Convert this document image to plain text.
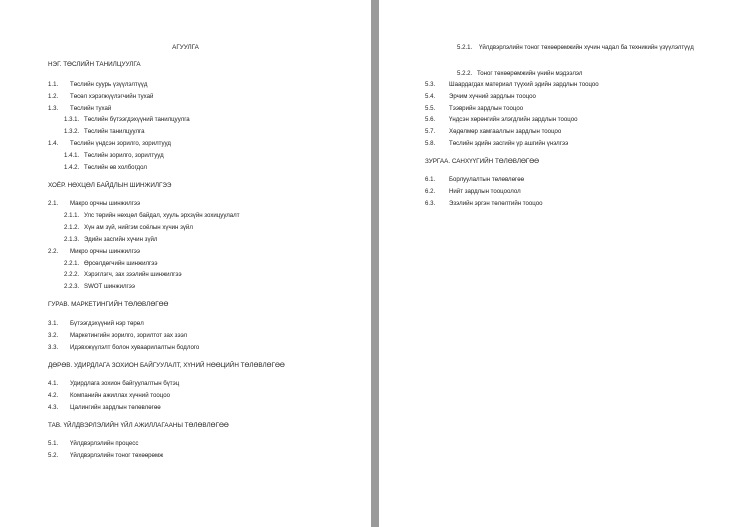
АГУУЛГА
НЭГ. ТӨСЛИЙН ТАНИЛЦУУЛГА
1.1. Төслийн суурь үзүүлэлтүүд
1.2. Төсөл хэрэгжүүлэгчийн тухай
1.3. Төслийн тухай
1.3.1. Төслийн бүтээгдэхүүний танилцуулга
1.3.2. Төслийн танилцуулга
1.4. Төслийн үндсэн зорилго, зорилтууд
1.4.1. Төслийн зорилго, зорилтууд
1.4.2. Төслийн өв холбогдол
ХОЁР. НӨХЦӨЛ БАЙДЛЫН ШИНЖИЛГЭЭ
2.1. Макро орчны шинжилгээ
2.1.1. Улс төрийн нөхцөл байдал, хууль эрхзүйн зохицуулалт
2.1.2. Хүн ам зүй, нийгэм соёлын хүчин зүйл
2.1.3. Эдийн засгийн хүчин зүйл
2.2. Микро орчны шинжилгээ
2.2.1. Өрсөлдөгчийн шинжилгээ
2.2.2. Хэрэглэгч, зах зээлийн шинжилгээ
2.2.3. SWOT шинжилгээ
ГУРАВ. МАРКЕТИНГИЙН ТӨЛӨВЛӨГӨӨ
3.1. Бүтээгдэхүүний нэр төрөл
3.2. Маркетингийн зорилго, зорилтот зах зээл
3.3. Идэвхжүүлэлт болон хуваарилалтын бодлого
ДӨРӨВ. УДИРДЛАГА ЗОХИОН БАЙГУУЛАЛТ, ХҮНИЙ НӨӨЦИЙН ТӨЛӨВЛӨГӨӨ
4.1. Удирдлага зохион байгуулалтын бүтэц
4.2. Компанийн ажиллах хүчний тооцоо
4.3. Цалингийн зардлын төлөвлөгөө
ТАВ. ҮЙЛДВЭРЛЭЛИЙН ҮЙЛ АЖИЛЛАГААНЫ ТӨЛӨВЛӨГӨӨ
5.1. Үйлдвэрлэлийн процесс
5.2. Үйлдвэрлэлийн тоног төхөөрөмж
5.2.1. Үйлдвэрлэлийн тоног төхөөрөмжийн хүчин чадал ба техникийн үзүүлэлтүүд
5.2.2. Тоног төхөөрөмжийн үнийн мэдээлэл
5.3. Шаардагдах материал түүхий эдийн зардлын тооцоо
5.4. Эрчим хүчний зардлын тооцоо
5.5. Тээврийн зардлын тооцоо
5.6. Үндсэн хөрөнгийн элэгдлийн зардлын тооцоо
5.7. Хөдөлмөр хамгааллын зардлын тооцоо
5.8. Төслийн эдийн засгийн үр ашгийн үнэлгээ
ЗУРГАА. САНХҮҮГИЙН ТӨЛӨВЛӨГӨӨ
6.1. Борлуулалтын төлөвлөгөө
6.2. Нийт зардлын тооцоолол
6.3. Эзэлийн эргэн төлөлтийн тооцоо
